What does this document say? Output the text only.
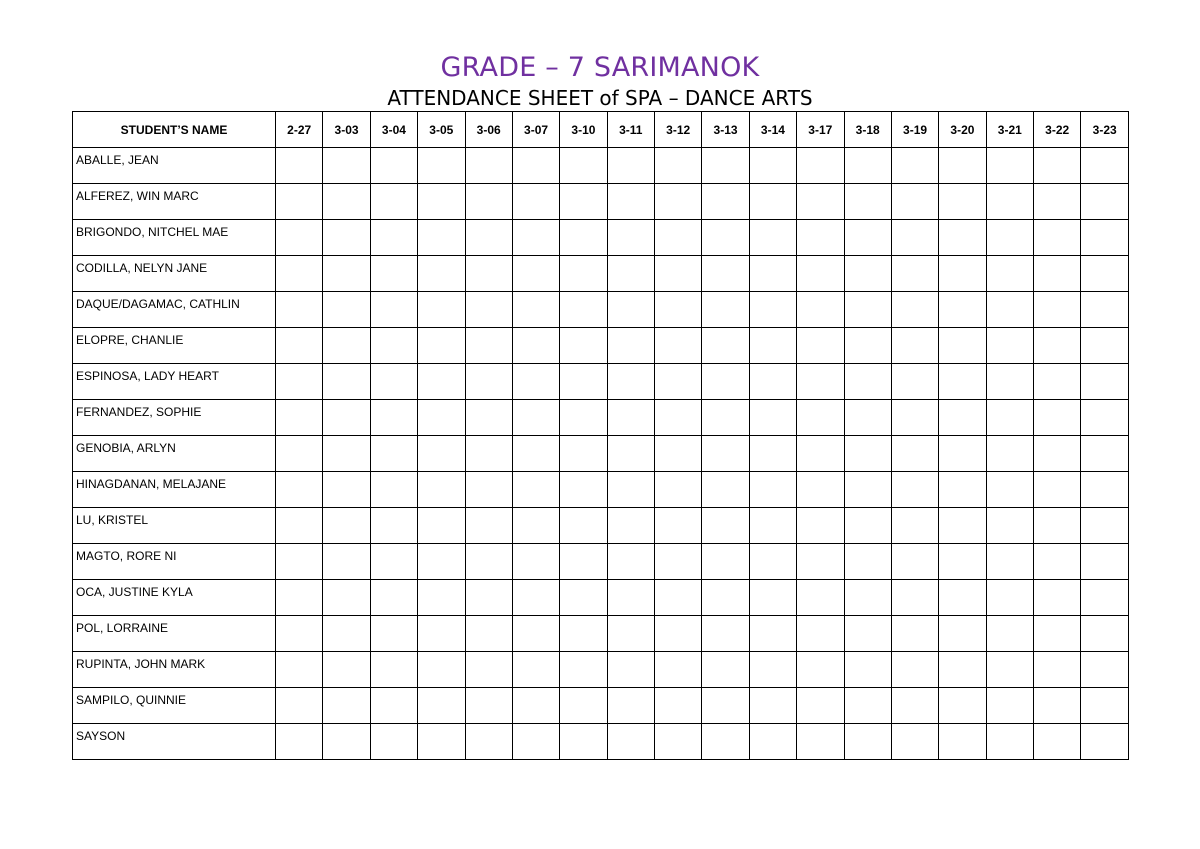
GRADE – 7 SARIMANOK
ATTENDANCE SHEET of SPA – DANCE ARTS
STUDENT’S NAME	2-27	3-03	3-04	3-05	3-06	3-07	3-10	3-11	3-12	3-13	3-14	3-17	3-18	3-19	3-20	3-21	3-22	3-23
ABALLE, JEAN																		
ALFEREZ, WIN MARC																		
BRIGONDO, NITCHEL MAE																		
CODILLA, NELYN JANE																		
DAQUE/DAGAMAC, CATHLIN																		
ELOPRE, CHANLIE																		
ESPINOSA, LADY HEART																		
FERNANDEZ, SOPHIE																		
GENOBIA, ARLYN																		
HINAGDANAN, MELAJANE																		
LU, KRISTEL																		
MAGTO, RORE NI																		
OCA, JUSTINE KYLA																		
POL, LORRAINE																		
RUPINTA, JOHN MARK																		
SAMPILO, QUINNIE																		
SAYSON																		
